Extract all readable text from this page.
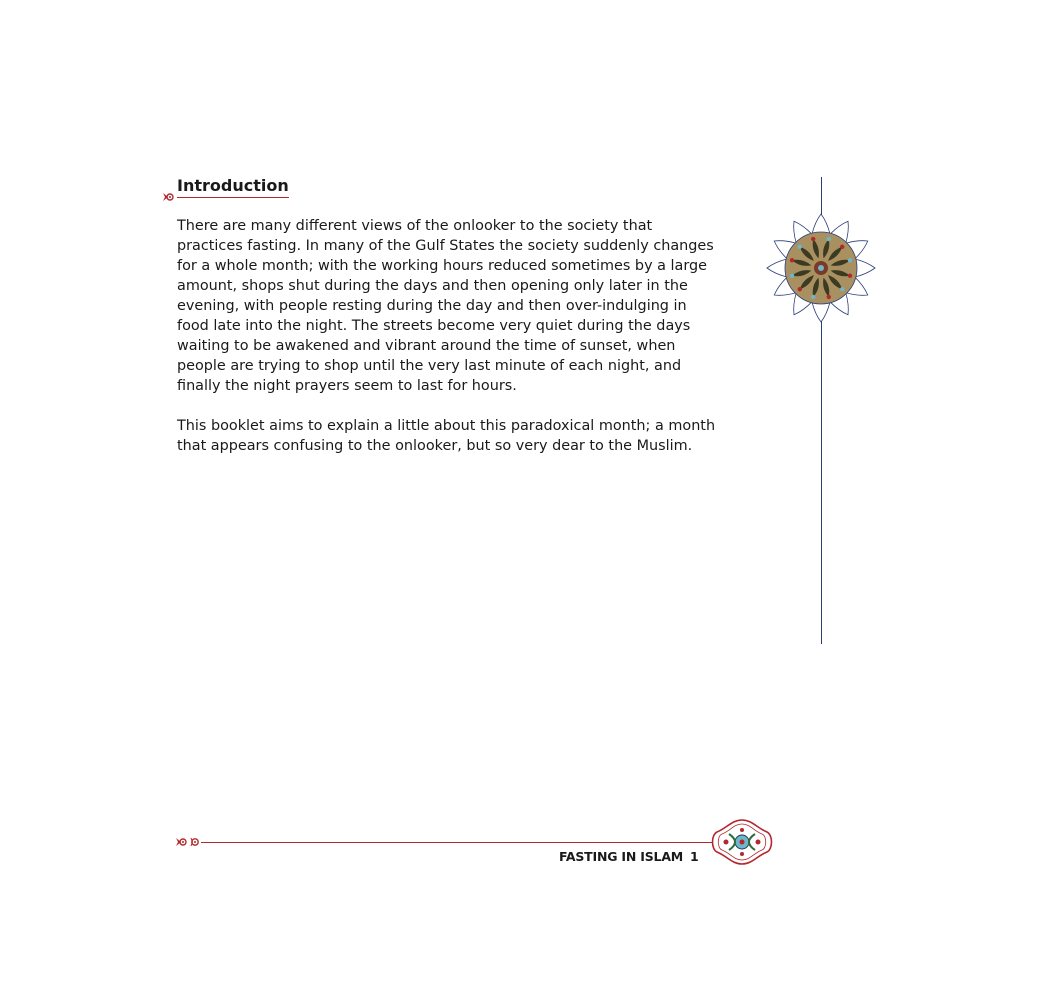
Introduction

There are many different views of the onlooker to the society that practices fasting. In many of the Gulf States the society suddenly changes for a whole month; with the working hours reduced sometimes by a large amount, shops shut during the days and then opening only later in the evening, with people resting during the day and then over-indulging in food late into the night. The streets become very quiet during the days waiting to be awakened and vibrant around the time of sunset, when people are trying to shop until the very last minute of each night, and finally the night prayers seem to last for hours.

This booklet aims to explain a little about this paradoxical month; a month that appears confusing to the onlooker, but so very dear to the Muslim.

FASTING IN ISLAM 1
